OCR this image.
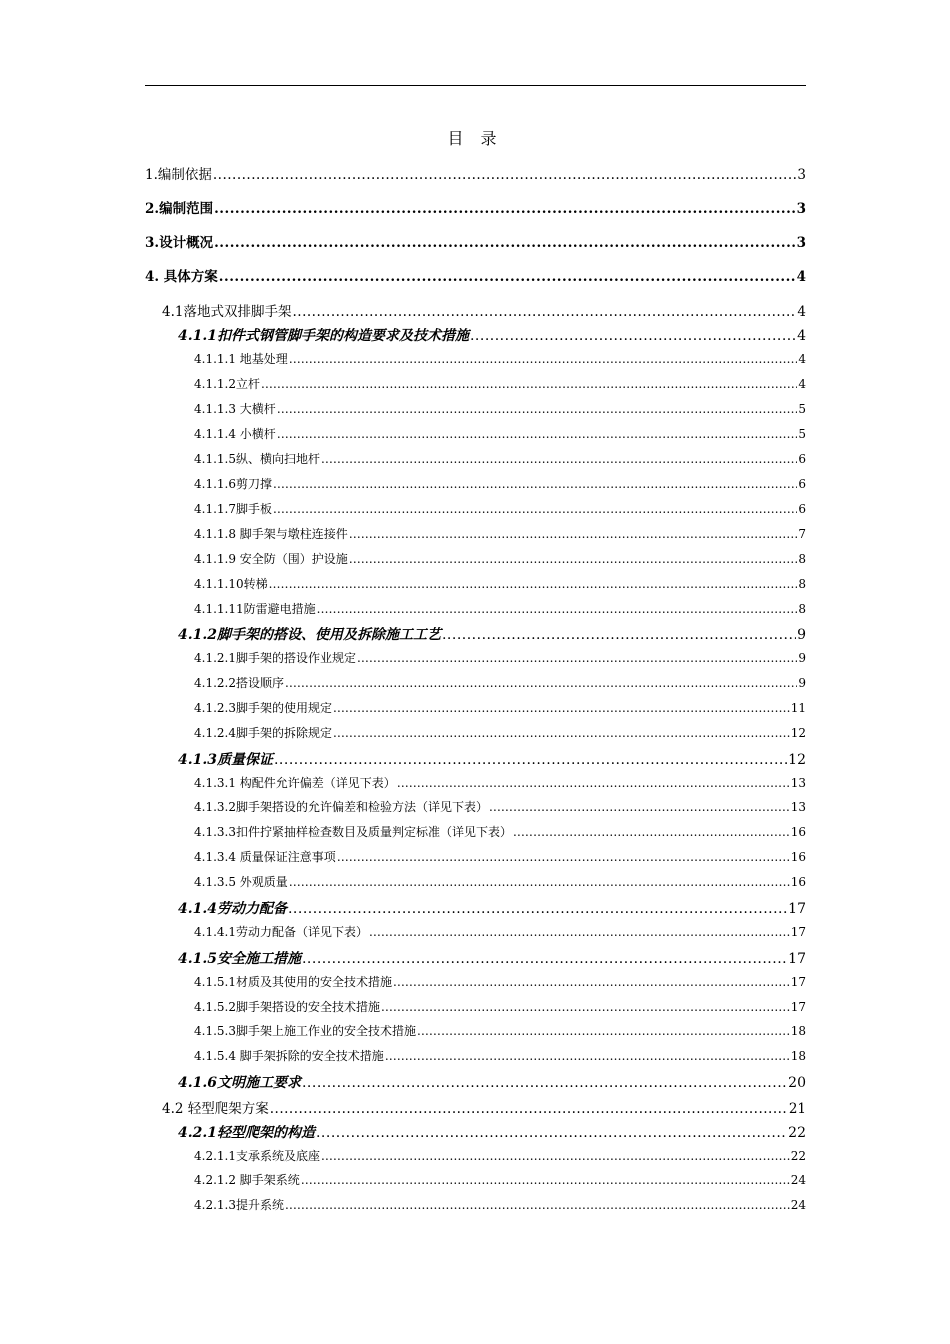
目 录
1.编制依据 .....	3
2.编制范围 .....	3
3.设计概况 .....	3
4. 具体方案 .....	4
4.1落地式双排脚手架 .....	4
4.1.1扣件式钢管脚手架的构造要求及技术措施 .....	4
4.1.1.1 地基处理 .....	4
4.1.1.2立杆 .....	4
4.1.1.3 大横杆 .....	5
4.1.1.4 小横杆 .....	5
4.1.1.5纵、横向扫地杆 .....	6
4.1.1.6剪刀撑 .....	6
4.1.1.7脚手板 .....	6
4.1.1.8 脚手架与墩柱连接件 .....	7
4.1.1.9 安全防（围）护设施 .....	8
4.1.1.10转梯 .....	8
4.1.1.11防雷避电措施 .....	8
4.1.2脚手架的搭设、使用及拆除施工工艺 .....	9
4.1.2.1脚手架的搭设作业规定 .....	9
4.1.2.2搭设顺序 .....	9
4.1.2.3脚手架的使用规定 .....	11
4.1.2.4脚手架的拆除规定 .....	12
4.1.3质量保证 .....	12
4.1.3.1 构配件允许偏差（详见下表） .....	13
4.1.3.2脚手架搭设的允许偏差和检验方法（详见下表） .....	13
4.1.3.3扣件拧紧抽样检查数目及质量判定标准（详见下表） .....	16
4.1.3.4 质量保证注意事项 .....	16
4.1.3.5 外观质量 .....	16
4.1.4劳动力配备 .....	17
4.1.4.1劳动力配备（详见下表） .....	17
4.1.5安全施工措施 .....	17
4.1.5.1材质及其使用的安全技术措施 .....	17
4.1.5.2脚手架搭设的安全技术措施 .....	17
4.1.5.3脚手架上施工作业的安全技术措施 .....	18
4.1.5.4 脚手架拆除的安全技术措施 .....	18
4.1.6文明施工要求 .....	20
4.2 轻型爬架方案 .....	21
4.2.1轻型爬架的构造 .....	22
4.2.1.1支承系统及底座 .....	22
4.2.1.2 脚手架系统 .....	24
4.2.1.3提升系统 .....	24
